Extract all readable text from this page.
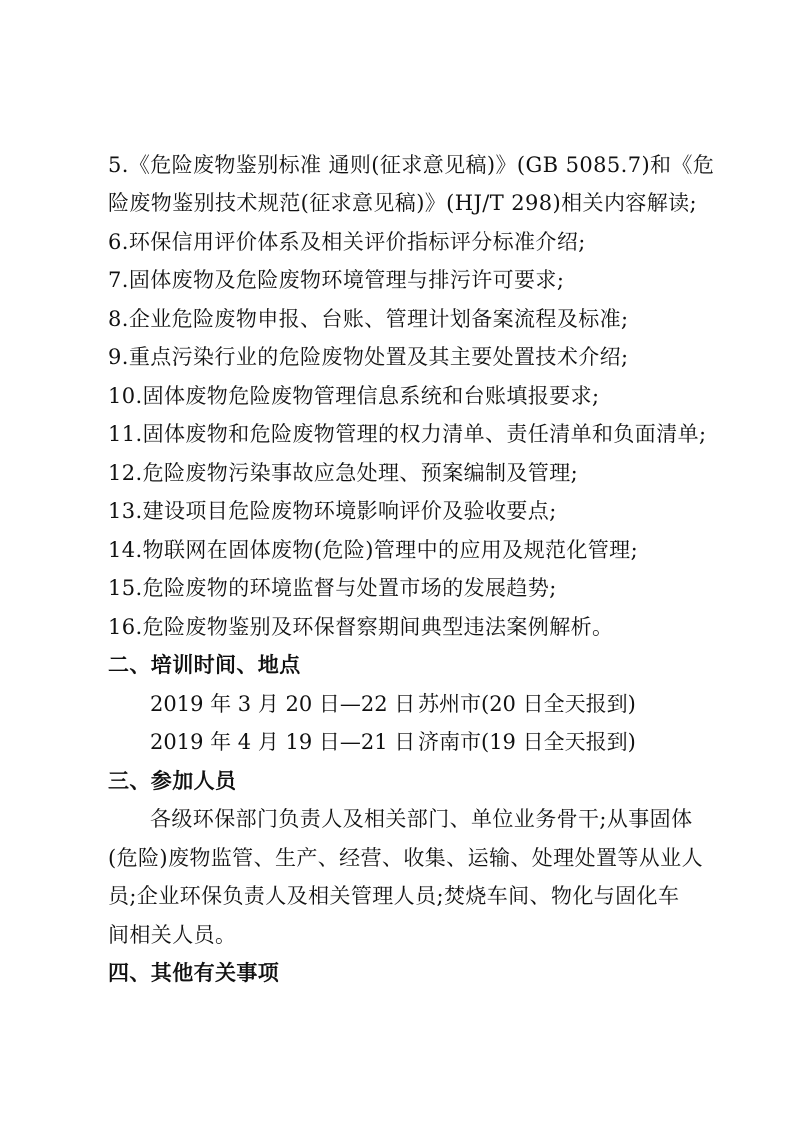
5.《危险废物鉴别标准 通则(征求意见稿)》(GB 5085.7)和《危
险废物鉴别技术规范(征求意见稿)》(HJ/T 298)相关内容解读;
6.环保信用评价体系及相关评价指标评分标准介绍;
7.固体废物及危险废物环境管理与排污许可要求;
8.企业危险废物申报、台账、管理计划备案流程及标准;
9.重点污染行业的危险废物处置及其主要处置技术介绍;
10.固体废物危险废物管理信息系统和台账填报要求;
11.固体废物和危险废物管理的权力清单、责任清单和负面清单;
12.危险废物污染事故应急处理、预案编制及管理;
13.建设项目危险废物环境影响评价及验收要点;
14.物联网在固体废物(危险)管理中的应用及规范化管理;
15.危险废物的环境监督与处置市场的发展趋势;
16.危险废物鉴别及环保督察期间典型违法案例解析。
二、培训时间、地点
2019 年 3 月 20 日—22 日 苏州市(20 日全天报到)
2019 年 4 月 19 日—21 日 济南市(19 日全天报到)
三、参加人员
各级环保部门负责人及相关部门、单位业务骨干;从事固体
(危险)废物监管、生产、经营、收集、运输、处理处置等从业人
员;企业环保负责人及相关管理人员;焚烧车间、物化与固化车
间相关人员。
四、其他有关事项
